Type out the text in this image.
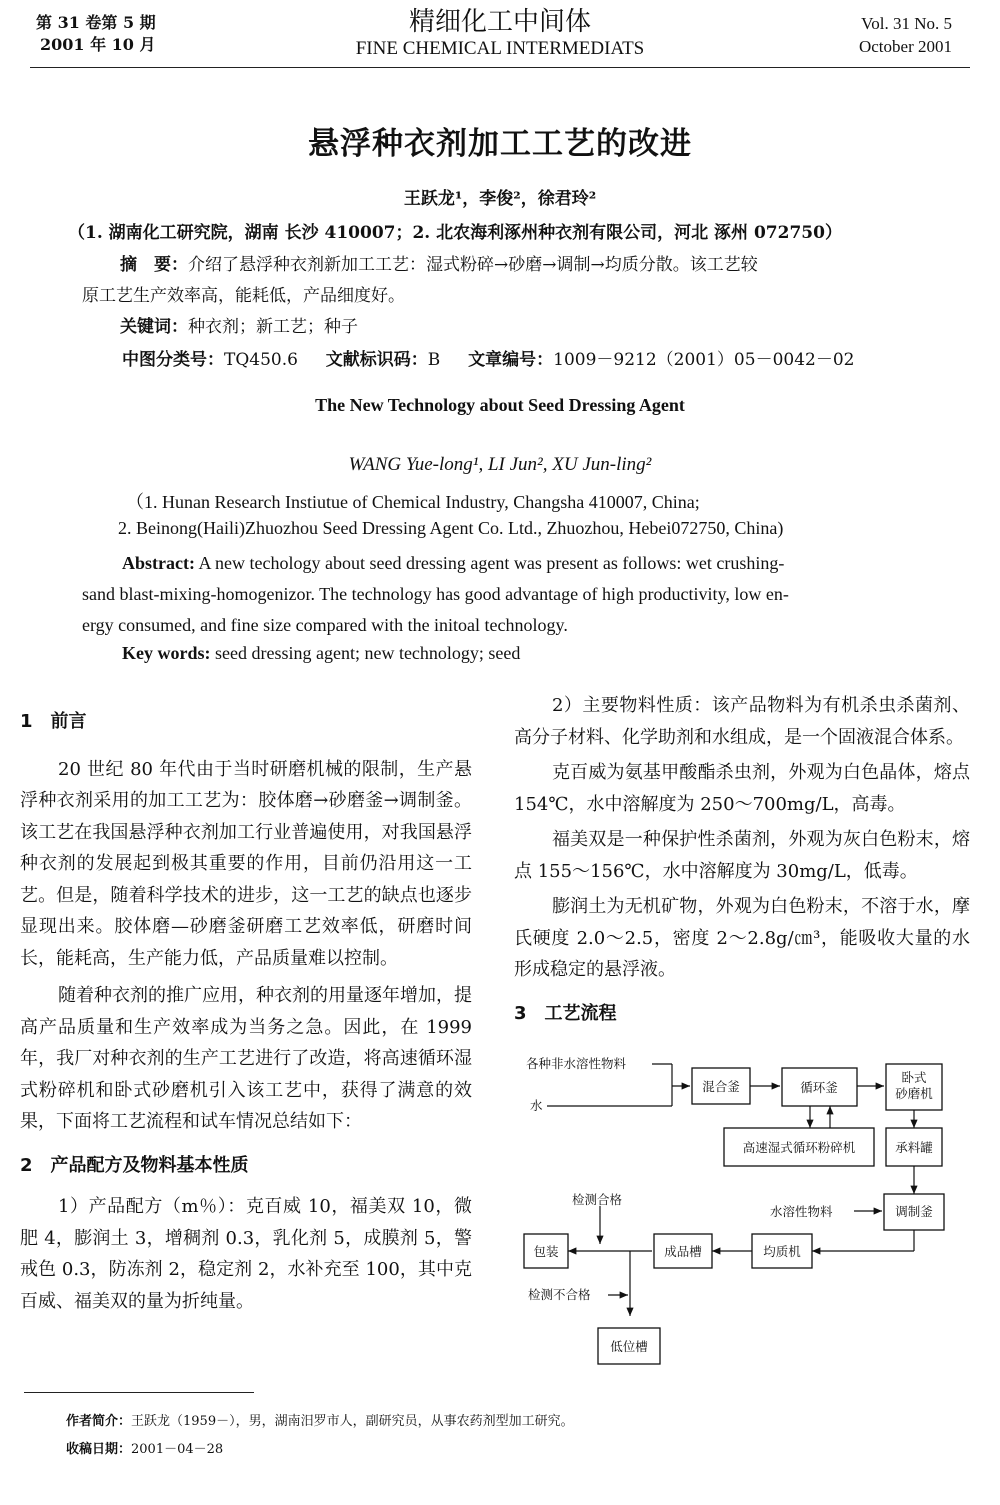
第 31 卷第 5 期
2001 年 10 月
精细化工中间体
FINE CHEMICAL INTERMEDIATS
Vol. 31 No. 5
October 2001
悬浮种衣剂加工工艺的改进
王跃龙¹，李俊²，徐君玲²
（1. 湖南化工研究院，湖南 长沙 410007；2. 北农海利涿州种衣剂有限公司，河北 涿州 072750）

摘　要：介绍了悬浮种衣剂新加工工艺：湿式粉碎→砂磨→调制→均质分散。该工艺较

原工艺生产效率高，能耗低，产品细度好。

关键词：种衣剂；新工艺；种子

中图分类号：TQ450.6 文献标识码：B 文章编号：1009－9212（2001）05－0042－02
The New Technology about Seed Dressing Agent
WANG Yue-long¹, LI Jun², XU Jun-ling²
（1. Hunan Research Instiutue of Chemical Industry, Changsha 410007, China;
2. Beinong(Haili)Zhuozhou Seed Dressing Agent Co. Ltd., Zhuozhou, Hebei072750, China)

Abstract: A new techology about seed dressing agent was present as follows: wet crushing-

sand blast-mixing-homogenizor. The technology has good advantage of high productivity, low en-

ergy consumed, and fine size compared with the initoal technology.

Key words: seed dressing agent; new technology; seed

1　前言

20 世纪 80 年代由于当时研磨机械的限制，生产悬浮种衣剂采用的加工工艺为：胶体磨→砂磨釜→调制釜。该工艺在我国悬浮种衣剂加工行业普遍使用，对我国悬浮种衣剂的发展起到极其重要的作用，目前仍沿用这一工艺。但是，随着科学技术的进步，这一工艺的缺点也逐步显现出来。胶体磨—砂磨釜研磨工艺效率低，研磨时间长，能耗高，生产能力低，产品质量难以控制。

随着种衣剂的推广应用，种衣剂的用量逐年增加，提高产品质量和生产效率成为当务之急。因此，在 1999 年，我厂对种衣剂的生产工艺进行了改造，将高速循环湿式粉碎机和卧式砂磨机引入该工艺中，获得了满意的效果，下面将工艺流程和试车情况总结如下：

2　产品配方及物料基本性质

1）产品配方（m％）：克百威 10，福美双 10，微肥 4，膨润土 3，增稠剂 0.3，乳化剂 5，成膜剂 5，警戒色 0.3，防冻剂 2，稳定剂 2，水补充至 100，其中克百威、福美双的量为折纯量。

2）主要物料性质：该产品物料为有机杀虫杀菌剂、高分子材料、化学助剂和水组成，是一个固液混合体系。

克百威为氨基甲酸酯杀虫剂，外观为白色晶体，熔点 154℃，水中溶解度为 250～700mg/L，高毒。

福美双是一种保护性杀菌剂，外观为灰白色粉末，熔点 155～156℃，水中溶解度为 30mg/L，低毒。

膨润土为无机矿物，外观为白色粉末，不溶于水，摩氏硬度 2.0～2.5，密度 2～2.8g/㎝³，能吸收大量的水形成稳定的悬浮液。

3　工艺流程

各种非水溶性物料
水
混合釜	循环釜
卧式
砂磨机
高速湿式循环粉碎机	承料罐
检测合格
水溶性物料	调制釜
包装	成品槽	均质机
检测不合格
低位槽
作者简介：王跃龙（1959－），男，湖南汨罗市人，副研究员，从事农药剂型加工研究。
收稿日期：2001－04－28
